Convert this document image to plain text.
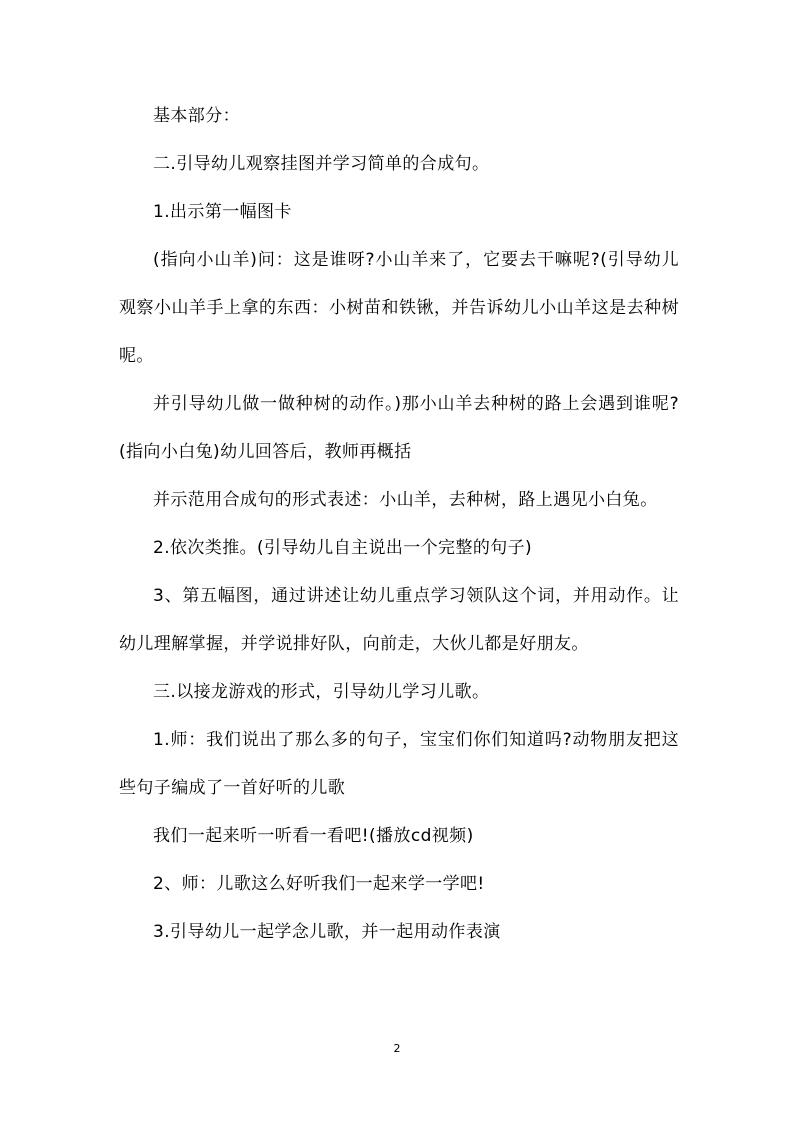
基本部分：

二.引导幼儿观察挂图并学习简单的合成句。

1.出示第一幅图卡

(指向小山羊)问：这是谁呀?小山羊来了，它要去干嘛呢?(引导幼儿观察小山羊手上拿的东西：小树苗和铁锹，并告诉幼儿小山羊这是去种树呢。

并引导幼儿做一做种树的动作。)那小山羊去种树的路上会遇到谁呢?(指向小白兔)幼儿回答后，教师再概括

并示范用合成句的形式表述：小山羊，去种树，路上遇见小白兔。

2.依次类推。(引导幼儿自主说出一个完整的句子)

3、第五幅图，通过讲述让幼儿重点学习领队这个词，并用动作。让幼儿理解掌握，并学说排好队，向前走，大伙儿都是好朋友。

三.以接龙游戏的形式，引导幼儿学习儿歌。

1.师：我们说出了那么多的句子，宝宝们你们知道吗?动物朋友把这些句子编成了一首好听的儿歌

我们一起来听一听看一看吧!(播放cd视频)

2、师：儿歌这么好听我们一起来学一学吧!

3.引导幼儿一起学念儿歌，并一起用动作表演

2
